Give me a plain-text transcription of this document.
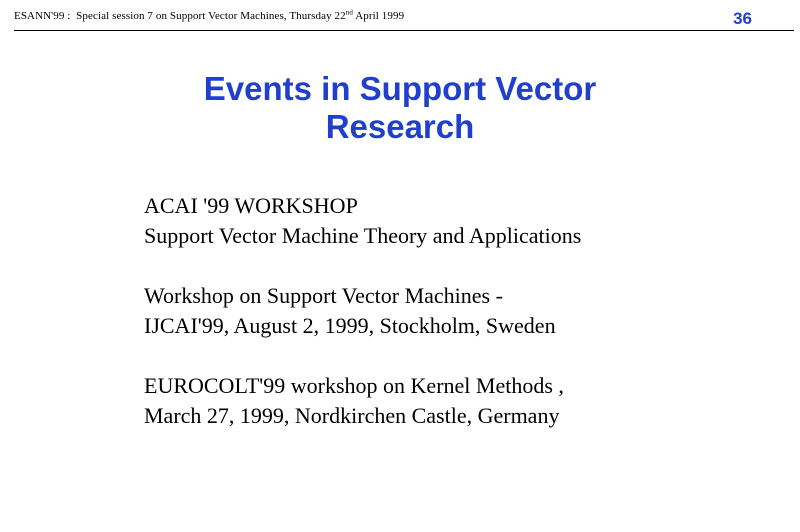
ESANN'99 : Special session 7 on Support Vector Machines, Thursday 22nd April 1999	36
Events in Support Vector
Research
ACAI '99 WORKSHOP
Support Vector Machine Theory and Applications
Workshop on Support Vector Machines -
IJCAI'99, August 2, 1999, Stockholm, Sweden
EUROCOLT'99 workshop on Kernel Methods ,
March 27, 1999, Nordkirchen Castle, Germany
